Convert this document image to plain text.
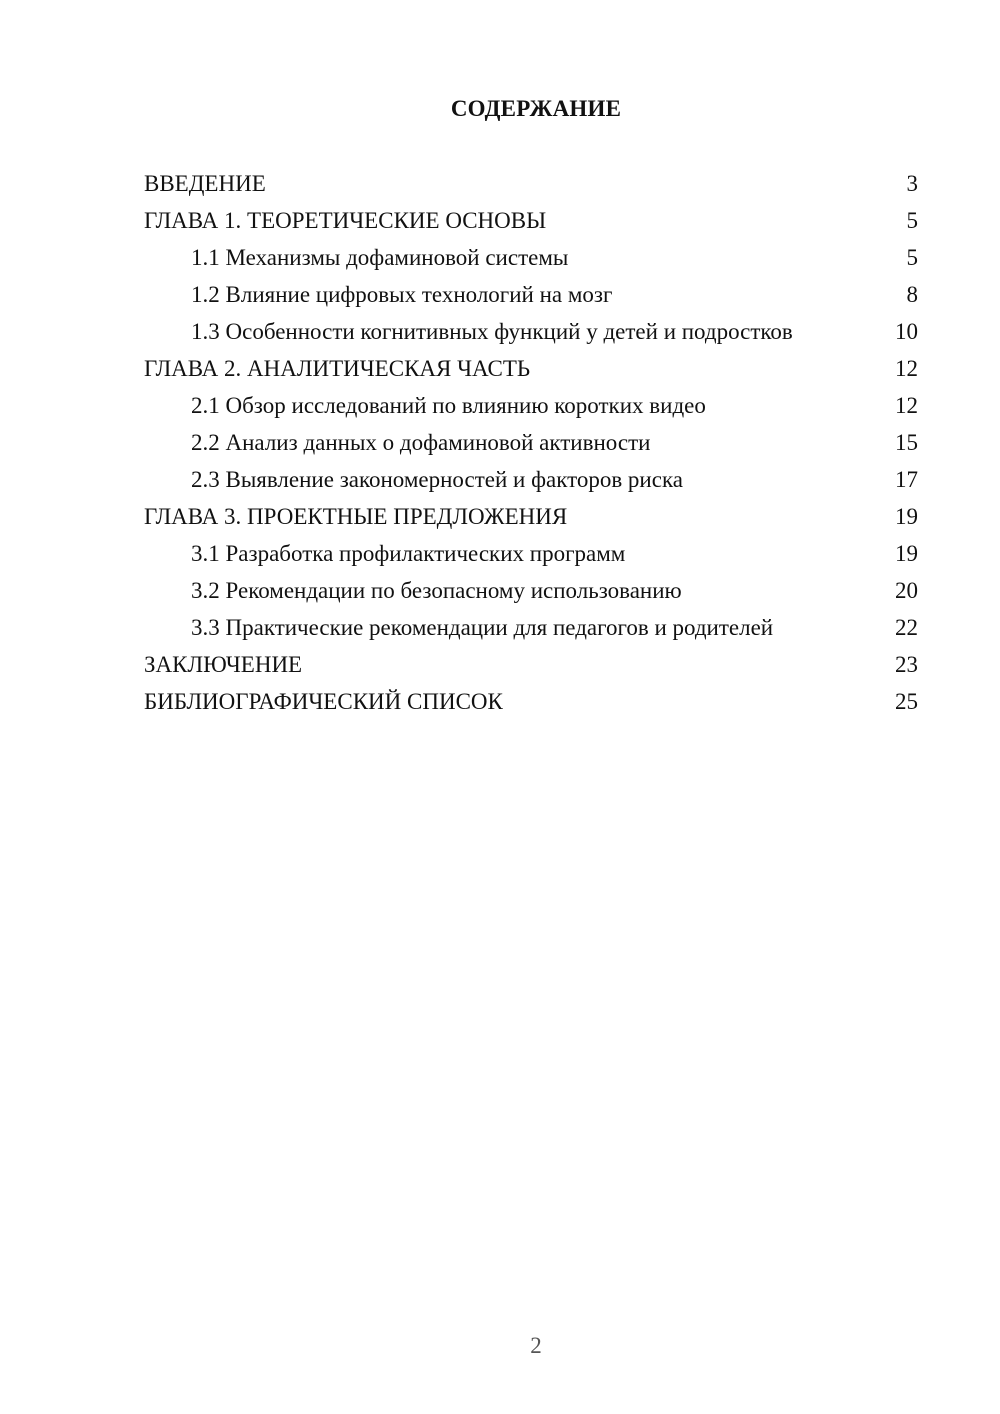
СОДЕРЖАНИЕ
ВВЕДЕНИЕ	3
ГЛАВА 1. ТЕОРЕТИЧЕСКИЕ ОСНОВЫ	5
1.1 Механизмы дофаминовой системы	5
1.2 Влияние цифровых технологий на мозг	8
1.3 Особенности когнитивных функций у детей и подростков	10
ГЛАВА 2. АНАЛИТИЧЕСКАЯ ЧАСТЬ	12
2.1 Обзор исследований по влиянию коротких видео	12
2.2 Анализ данных о дофаминовой активности	15
2.3 Выявление закономерностей и факторов риска	17
ГЛАВА 3. ПРОЕКТНЫЕ ПРЕДЛОЖЕНИЯ	19
3.1 Разработка профилактических программ	19
3.2 Рекомендации по безопасному использованию	20
3.3 Практические рекомендации для педагогов и родителей	22
ЗАКЛЮЧЕНИЕ	23
БИБЛИОГРАФИЧЕСКИЙ СПИСОК	25
2
